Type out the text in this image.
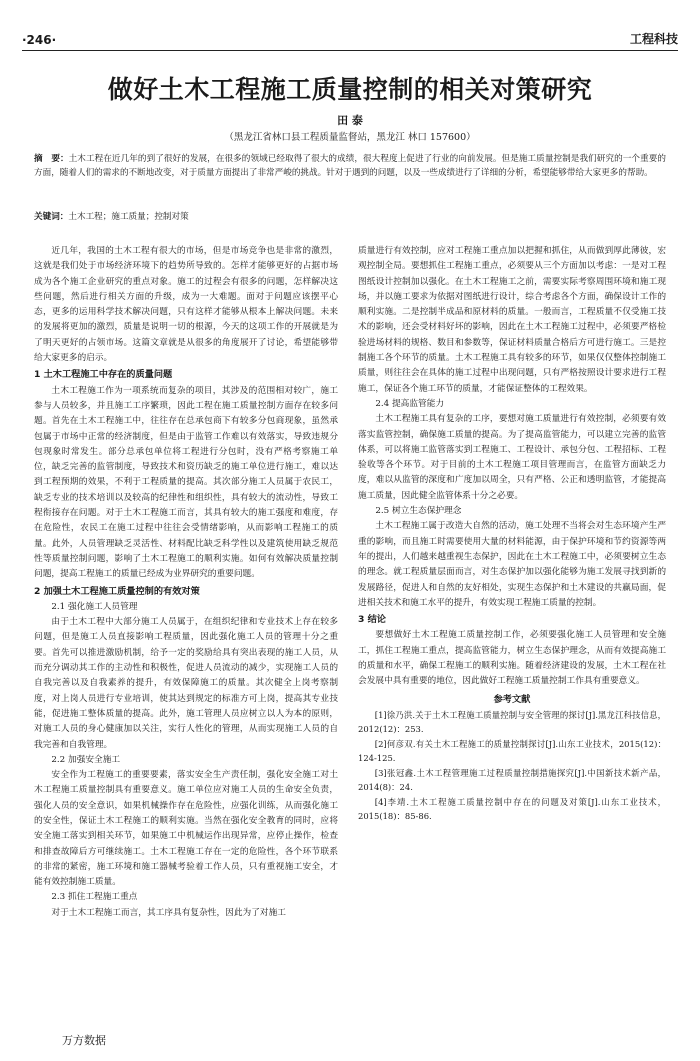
·246·	工程科技
做好土木工程施工质量控制的相关对策研究
田 泰
（黑龙江省林口县工程质量监督站，黑龙江 林口 157600）
摘　要：土木工程在近几年的到了很好的发展，在很多的领域已经取得了很大的成绩，很大程度上促进了行业的向前发展。但是施工质量控制是我们研究的一个重要的方面，随着人们的需求的不断地改变，对于质量方面提出了非常严峻的挑战。针对于遇到的问题，以及一些成绩进行了详细的分析，希望能够带给大家更多的帮助。
关键词：土木工程；施工质量；控制对策

近几年，我国的土木工程有很大的市场，但是市场竞争也是非常的激烈，这就是我们处于市场经济环境下的趋势所导致的。怎样才能够更好的占据市场成为各个施工企业研究的重点对象。施工的过程会有很多的问题，怎样解决这些问题，然后进行相关方面的升级，成为一大难题。面对于问题应该摆平心态，更多的运用科学技术解决问题，只有这样才能够从根本上解决问题。未来的发展将更加的激烈，质量是说明一切的根源，今天的这项工作的开展就是为了明天更好的占领市场。这篇文章就是从很多的角度展开了讨论，希望能够带给大家更多的启示。

1 土木工程施工中存在的质量问题

土木工程施工作为一项系统而复杂的项目，其涉及的范围相对较广，施工参与人员较多，并且施工工序繁琐，因此工程在施工质量控制方面存在较多问题。首先在土木工程施工中，往往存在总承包商下有较多分包商现象，虽然承包属于市场中正常的经济制度，但是由于监管工作难以有效落实，导致违规分包现象时常发生。部分总承包单位将工程进行分包时，没有严格考察施工单位，缺乏完善的监管制度，导致技术和资历缺乏的施工单位进行施工，难以达到工程预期的效果，不利于工程质量的提高。其次部分施工人员属于农民工，缺乏专业的技术培训以及较高的纪律性和组织性，具有较大的流动性，导致工程衔接存在问题。对于土木工程施工而言，其具有较大的施工强度和难度，存在危险性，农民工在施工过程中往往会受情绪影响，从而影响工程施工的质量。此外，人员管理缺乏灵活性、材料配比缺乏科学性以及建筑使用缺乏规范性等质量控制问题，影响了土木工程施工的顺利实施。如何有效解决质量控制问题，提高工程施工的质量已经成为业界研究的重要问题。

2 加强土木工程施工质量控制的有效对策
2.1 强化施工人员管理

由于土木工程中大部分施工人员属于，在组织纪律和专业技术上存在较多问题，但是施工人员直接影响工程质量，因此强化施工人员的管理十分之重要。首先可以推进激励机制，给予一定的奖励给具有突出表现的施工人员，从而充分调动其工作的主动性和积极性，促进人员流动的减少，实现施工人员的自我完善以及自我素养的提升，有效保障施工的质量。其次健全上岗考察制度，对上岗人员进行专业培训，使其达到规定的标准方可上岗，提高其专业技能，促进施工整体质量的提高。此外，施工管理人员应树立以人为本的原则，对施工人员的身心健康加以关注，实行人性化的管理，从而实现施工人员的自我完善和自我管理。

2.2 加强安全施工

安全作为工程施工的重要要素，落实安全生产责任制，强化安全施工对土木工程施工质量控制具有重要意义。施工单位应对施工人员的生命安全负责，强化人员的安全意识，如果机械操作存在危险性，应强化训练，从而强化施工的安全性，保证土木工程施工的顺利实施。当然在强化安全教育的同时，应将安全施工落实到相关环节，如果施工中机械运作出现异常，应停止操作，检查和排查故障后方可继续施工。土木工程施工存在一定的危险性，各个环节联系的非常的紧密，施工环境和施工器械考验着工作人员，只有重视施工安全，才能有效控制施工质量。

2.3 抓住工程施工重点

对于土木工程施工而言，其工序具有复杂性，因此为了对施工

质量进行有效控制，应对工程施工重点加以把握和抓住，从而做到厚此薄彼，宏观控制全局。要想抓住工程施工重点，必须要从三个方面加以考虑：一是对工程图纸设计控制加以强化。在土木工程施工之前，需要实际考察周围环境和施工现场，并以施工要求为依据对图纸进行设计，综合考虑各个方面，确保设计工作的顺利实施。二是控制半成品和原材料的质量。一般而言，工程质量不仅受施工技术的影响，还会受材料好坏的影响，因此在土木工程施工过程中，必须要严格检验进场材料的规格、数目和参数等，保证材料质量合格后方可进行施工。三是控制施工各个环节的质量。土木工程施工具有较多的环节，如果仅仅整体控制施工质量，则往往会在具体的施工过程中出现问题，只有严格按照设计要求进行工程施工，保证各个施工环节的质量，才能保证整体的工程效果。

2.4 提高监管能力

土木工程施工具有复杂的工序，要想对施工质量进行有效控制，必须要有效落实监管控制，确保施工质量的提高。为了提高监管能力，可以建立完善的监管体系，可以将施工监管落实到工程施工、工程设计、承包分包、工程招标、工程验收等各个环节。对于目前的土木工程施工项目管理而言，在监管方面缺乏力度，难以从监管的深度和广度加以周全，只有严格、公正和透明监管，才能提高施工质量，因此健全监管体系十分之必要。

2.5 树立生态保护理念

土木工程施工属于改造大自然的活动，施工处理不当将会对生态环境产生严重的影响，而且施工时需要使用大量的材料能源，由于保护环境和节约资源等两年的提出，人们越来越重视生态保护，因此在土木工程施工中，必须要树立生态的理念。就工程质量层面而言，对生态保护加以强化能够为施工发展寻找到新的发展路径，促进人和自然的友好相处，实现生态保护和土木建设的共赢局面，促进相关技术和施工水平的提升，有效实现工程施工质量的控制。

3 结论

要想做好土木工程施工质量控制工作，必须要强化施工人员管理和安全施工，抓住工程施工重点，提高监管能力，树立生态保护理念，从而有效提高施工的质量和水平，确保工程施工的顺利实施。随着经济建设的发展，土木工程在社会发展中具有重要的地位，因此做好工程施工质量控制工作具有重要意义。

参考文献

[1]徐乃洪.关于土木工程施工质量控制与安全管理的探讨[J].黑龙江科技信息，2012(12)：253.

[2]何彦双.有关土木工程施工的质量控制探讨[J].山东工业技术，2015(12)：124-125.

[3]张冠鑫.土木工程管理施工过程质量控制措施探究[J].中国新技术新产品，2014(8)：24.

[4]李靖.土木工程施工质量控制中存在的问题及对策[J].山东工业技术，2015(18)：85-86.

万方数据
